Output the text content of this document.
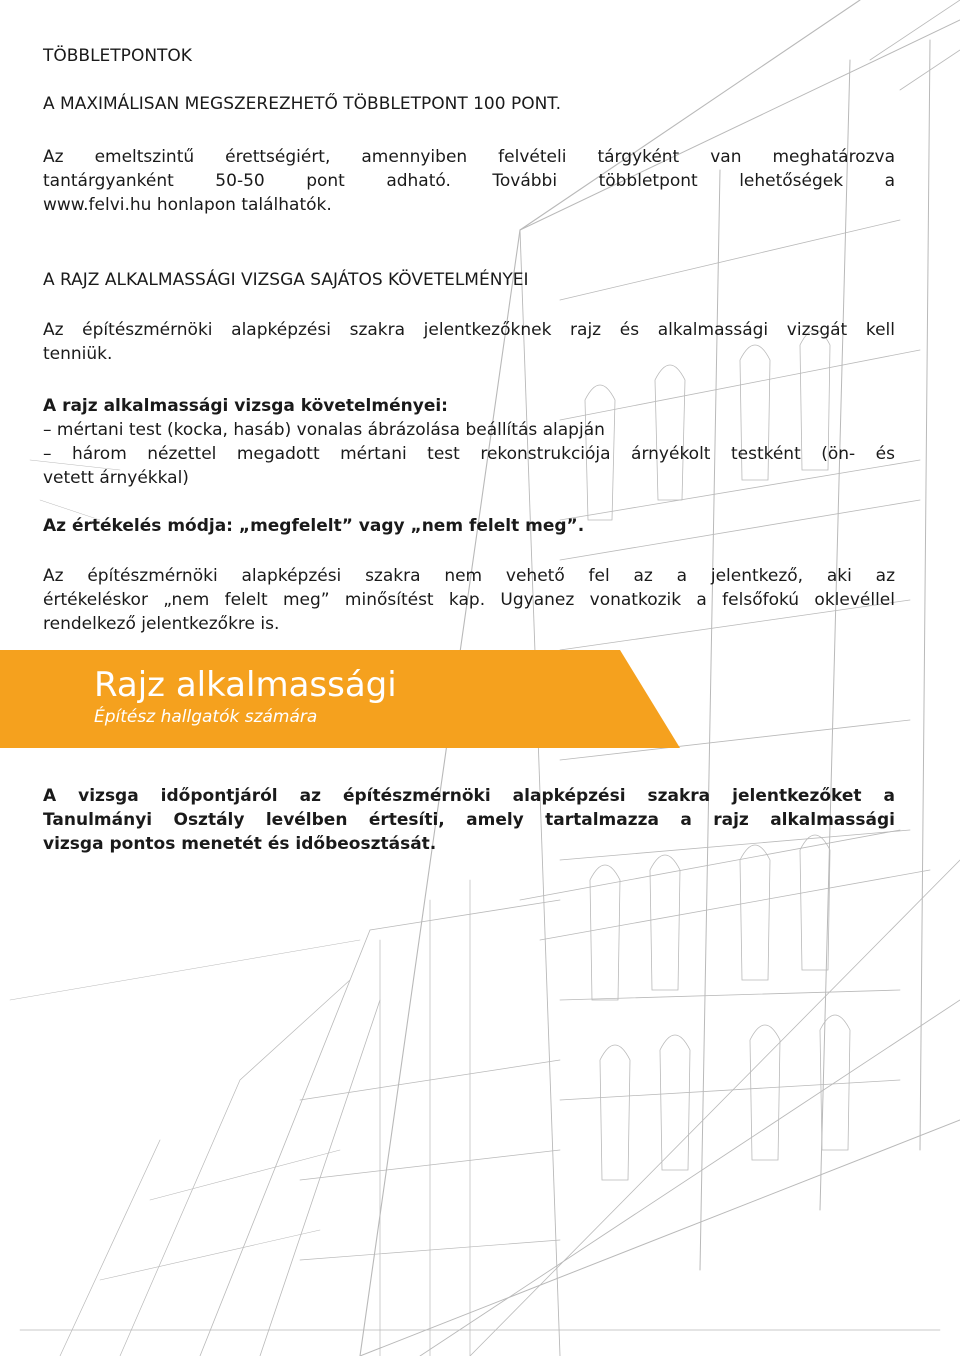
TÖBBLETPONTOK
A MAXIMÁLISAN MEGSZEREZHETŐ TÖBBLETPONT 100 PONT.
Az emeltszintű érettségiért, amennyiben felvételi tárgyként van meghatározva
tantárgyanként 50-50 pont adható. További többletpont lehetőségek a
www.felvi.hu honlapon találhatók.
A RAJZ ALKALMASSÁGI VIZSGA SAJÁTOS KÖVETELMÉNYEI
Az építészmérnöki alapképzési szakra jelentkezőknek rajz és alkalmassági vizsgát kell
tenniük.
A rajz alkalmassági vizsga követelményei:
– mértani test (kocka, hasáb) vonalas ábrázolása beállítás alapján
– három nézettel megadott mértani test rekonstrukciója árnyékolt testként (ön- és
vetett árnyékkal)
Az értékelés módja: „megfelelt” vagy „nem felelt meg”.
Az építészmérnöki alapképzési szakra nem vehető fel az a jelentkező, aki az
értékeléskor „nem felelt meg” minősítést kap. Ugyanez vonatkozik a felsőfokú oklevéllel
rendelkező jelentkezőkre is.
A vizsga időpontjáról az építészmérnöki alapképzési szakra jelentkezőket a
Tanulmányi Osztály levélben értesíti, amely tartalmazza a rajz alkalmassági
vizsga pontos menetét és időbeosztását.
Rajz alkalmassági
Építész hallgatók számára
